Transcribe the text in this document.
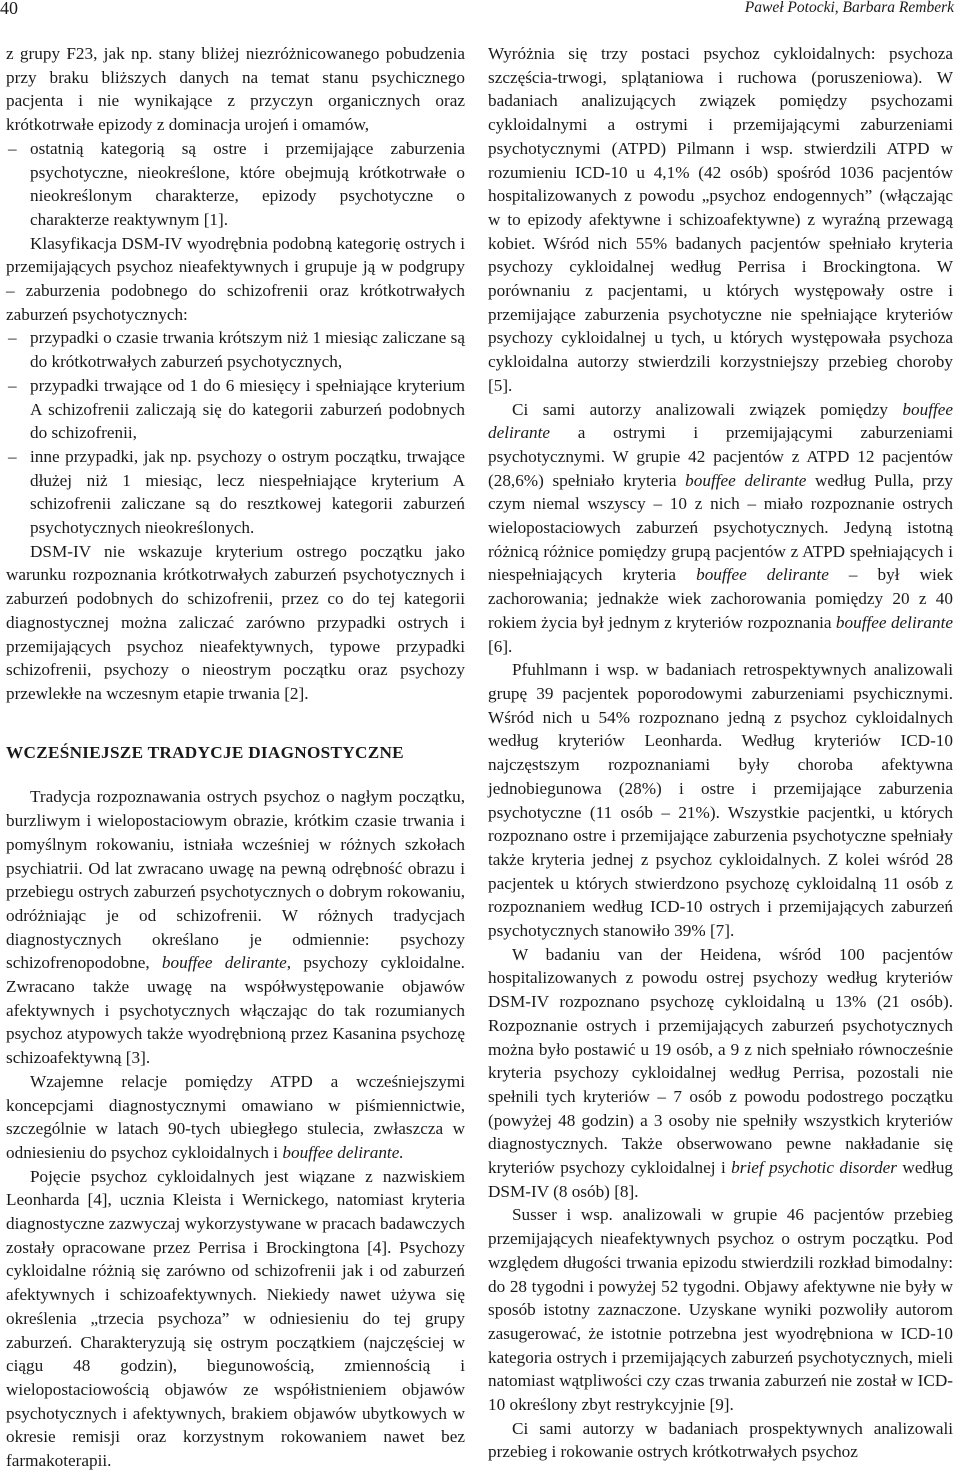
40	Paweł Potocki, Barbara Remberk

z grupy F23, jak np. stany bliżej niezróżnicowanego pobudzenia przy braku bliższych danych na temat stanu psychicznego pacjenta i nie wynikające z przyczyn organicznych oraz krótkotrwałe epizody z dominacja urojeń i omamów,

– ostatnią kategorią są ostre i przemijające zaburzenia psychotyczne, nieokreślone, które obejmują krótkotrwałe o nieokreślonym charakterze, epizody psychotyczne o charakterze reaktywnym [1].

Klasyfikacja DSM-IV wyodrębnia podobną kategorię ostrych i przemijających psychoz nieafektywnych i grupuje ją w podgrupy – zaburzenia podobnego do schizofrenii oraz krótkotrwałych zaburzeń psychotycznych:

– przypadki o czasie trwania krótszym niż 1 miesiąc zaliczane są do krótkotrwałych zaburzeń psychotycznych,

– przypadki trwające od 1 do 6 miesięcy i spełniające kryterium A schizofrenii zaliczają się do kategorii zaburzeń podobnych do schizofrenii,

– inne przypadki, jak np. psychozy o ostrym początku, trwające dłużej niż 1 miesiąc, lecz niespełniające kryterium A schizofrenii zaliczane są do resztkowej kategorii zaburzeń psychotycznych nieokreślonych.

DSM-IV nie wskazuje kryterium ostrego początku jako warunku rozpoznania krótkotrwałych zaburzeń psychotycznych i zaburzeń podobnych do schizofrenii, przez co do tej kategorii diagnostycznej można zaliczać zarówno przypadki ostrych i przemijających psychoz nieafektywnych, typowe przypadki schizofrenii, psychozy o nieostrym początku oraz psychozy przewlekłe na wczesnym etapie trwania [2].

WCZEŚNIEJSZE TRADYCJE DIAGNOSTYCZNE

Tradycja rozpoznawania ostrych psychoz o nagłym początku, burzliwym i wielopostaciowym obrazie, krótkim czasie trwania i pomyślnym rokowaniu, istniała wcześniej w różnych szkołach psychiatrii. Od lat zwracano uwagę na pewną odrębność obrazu i przebiegu ostrych zaburzeń psychotycznych o dobrym rokowaniu, odróżniając je od schizofrenii. W różnych tradycjach diagnostycznych określano je odmiennie: psychozy schizofrenopodobne, bouffee delirante, psychozy cykloidalne. Zwracano także uwagę na współwystępowanie objawów afektywnych i psychotycznych włączając do tak rozumianych psychoz atypowych także wyodrębnioną przez Kasanina psychozę schizoafektywną [3].

Wzajemne relacje pomiędzy ATPD a wcześniejszymi koncepcjami diagnostycznymi omawiano w piśmiennictwie, szczególnie w latach 90-tych ubiegłego stulecia, zwłaszcza w odniesieniu do psychoz cykloidalnych i bouffee delirante.

Pojęcie psychoz cykloidalnych jest wiązane z nazwiskiem Leonharda [4], ucznia Kleista i Wernickego, natomiast kryteria diagnostyczne zazwyczaj wykorzystywane w pracach badawczych zostały opracowane przez Perrisa i Brockingtona [4]. Psychozy cykloidalne różnią się zarówno od schizofrenii jak i od zaburzeń afektywnych i schizoafektywnych. Niekiedy nawet używa się określenia „trzecia psychoza” w odniesieniu do tej grupy zaburzeń. Charakteryzują się ostrym początkiem (najczęściej w ciągu 48 godzin), biegunowością, zmiennością i wielopostaciowością objawów ze współistnieniem objawów psychotycznych i afektywnych, brakiem objawów ubytkowych w okresie remisji oraz korzystnym rokowaniem nawet bez farmakoterapii.

Wyróżnia się trzy postaci psychoz cykloidalnych: psychoza szczęścia-trwogi, splątaniowa i ruchowa (poruszeniowa). W badaniach analizujących związek pomiędzy psychozami cykloidalnymi a ostrymi i przemijającymi zaburzeniami psychotycznymi (ATPD) Pilmann i wsp. stwierdzili ATPD w rozumieniu ICD-10 u 4,1% (42 osób) spośród 1036 pacjentów hospitalizowanych z powodu „psychoz endogennych” (włączając w to epizody afektywne i schizoafektywne) z wyraźną przewagą kobiet. Wśród nich 55% badanych pacjentów spełniało kryteria psychozy cykloidalnej według Perrisa i Brockingtona. W porównaniu z pacjentami, u których występowały ostre i przemijające zaburzenia psychotyczne nie spełniające kryteriów psychozy cykloidalnej u tych, u których występowała psychoza cykloidalna autorzy stwierdzili korzystniejszy przebieg choroby [5].

Ci sami autorzy analizowali związek pomiędzy bouffee delirante a ostrymi i przemijającymi zaburzeniami psychotycznymi. W grupie 42 pacjentów z ATPD 12 pacjentów (28,6%) spełniało kryteria bouffee delirante według Pulla, przy czym niemal wszyscy – 10 z nich – miało rozpoznanie ostrych wielopostaciowych zaburzeń psychotycznych. Jedyną istotną różnicą różnice pomiędzy grupą pacjentów z ATPD spełniających i niespełniających kryteria bouffee delirante – był wiek zachorowania; jednakże wiek zachorowania pomiędzy 20 z 40 rokiem życia był jednym z kryteriów rozpoznania bouffee delirante [6].

Pfuhlmann i wsp. w badaniach retrospektywnych analizowali grupę 39 pacjentek poporodowymi zaburzeniami psychicznymi. Wśród nich u 54% rozpoznano jedną z psychoz cykloidalnych według kryteriów Leonharda. Według kryteriów ICD-10 najczęstszym rozpoznaniami były choroba afektywna jednobiegunowa (28%) i ostre i przemijające zaburzenia psychotyczne (11 osób – 21%). Wszystkie pacjentki, u których rozpoznano ostre i przemijające zaburzenia psychotyczne spełniały także kryteria jednej z psychoz cykloidalnych. Z kolei wśród 28 pacjentek u których stwierdzono psychozę cykloidalną 11 osób z rozpoznaniem według ICD-10 ostrych i przemijających zaburzeń psychotycznych stanowiło 39% [7].

W badaniu van der Heidena, wśród 100 pacjentów hospitalizowanych z powodu ostrej psychozy według kryteriów DSM-IV rozpoznano psychozę cykloidalną u 13% (21 osób). Rozpoznanie ostrych i przemijających zaburzeń psychotycznych można było postawić u 19 osób, a 9 z nich spełniało równocześnie kryteria psychozy cykloidalnej według Perrisa, pozostali nie spełnili tych kryteriów – 7 osób z powodu podostrego początku (powyżej 48 godzin) a 3 osoby nie spełniły wszystkich kryteriów diagnostycznych. Także obserwowano pewne nakładanie się kryteriów psychozy cykloidalnej i brief psychotic disorder według DSM-IV (8 osób) [8].

Susser i wsp. analizowali w grupie 46 pacjentów przebieg przemijających nieafektywnych psychoz o ostrym początku. Pod względem długości trwania epizodu stwierdzili rozkład bimodalny: do 28 tygodni i powyżej 52 tygodni. Objawy afektywne nie były w sposób istotny zaznaczone. Uzyskane wyniki pozwoliły autorom zasugerować, że istotnie potrzebna jest wyodrębniona w ICD-10 kategoria ostrych i przemijających zaburzeń psychotycznych, mieli natomiast wątpliwości czy czas trwania zaburzeń nie został w ICD-10 określony zbyt restrykcyjnie [9].

Ci sami autorzy w badaniach prospektywnych analizowali przebieg i rokowanie ostrych krótkotrwałych psychoz
